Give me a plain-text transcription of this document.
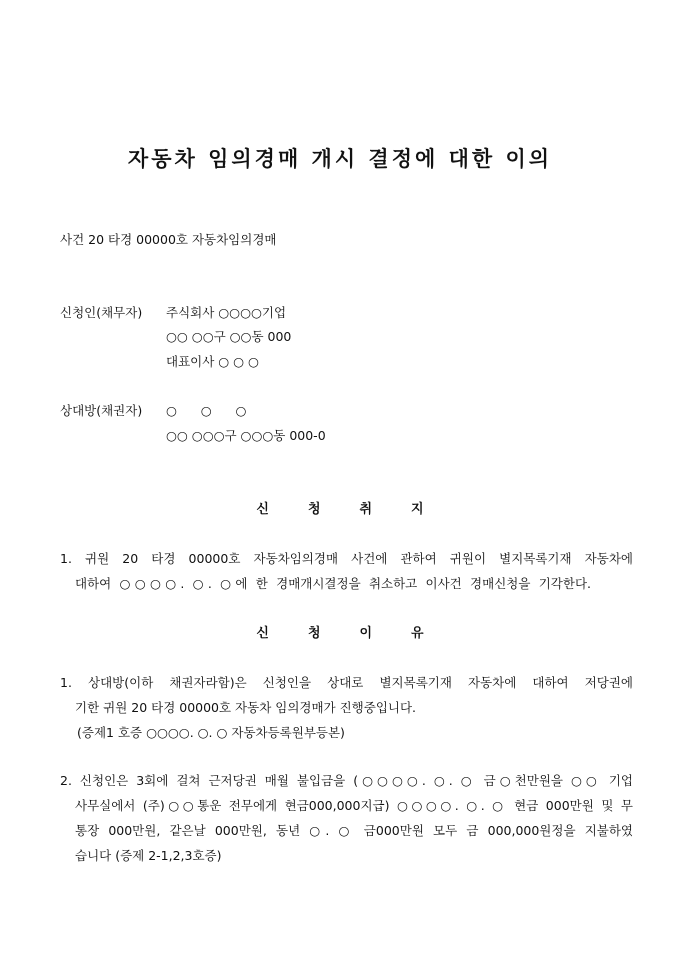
자동차 임의경매 개시 결정에 대한 이의
사건 20 타경 00000호 자동차임의경매
신청인(채무자) 주식회사 ○○○○기업
○○ ○○구 ○○동 000
대표이사 ○ ○ ○
상대방(채권자) ○      ○      ○
○○ ○○○구 ○○○동 000-0
신	청	취	지
1. 귀원 20 타경 00000호 자동차임의경매 사건에 관하여 귀원이 별지목록기재 자동차에
대하여 ○○○○. ○. ○에 한 경매개시결정을 취소하고 이사건 경매신청을 기각한다.
신	청	이	유
1. 상대방(이하 채권자라함)은 신청인을 상대로 별지목록기재 자동차에 대하여 저당권에
기한 귀원 20 타경 00000호 자동차 임의경매가 진행중입니다.
(증제1 호증 ○○○○. ○. ○ 자동차등록원부등본)
2. 신청인은 3회에 걸쳐 근저당권 매월 불입금을 (○○○○. ○. ○ 금○천만원을 ○○ 기업
사무실에서 (주)○○통운 전무에게 현금000,000지급) ○○○○. ○. ○ 현금 000만원 및 무
통장 000만원, 같은날 000만원, 동년 ○. ○ 금000만원 모두 금 000,000원정을 지불하였
습니다 (증제 2-1,2,3호증)
